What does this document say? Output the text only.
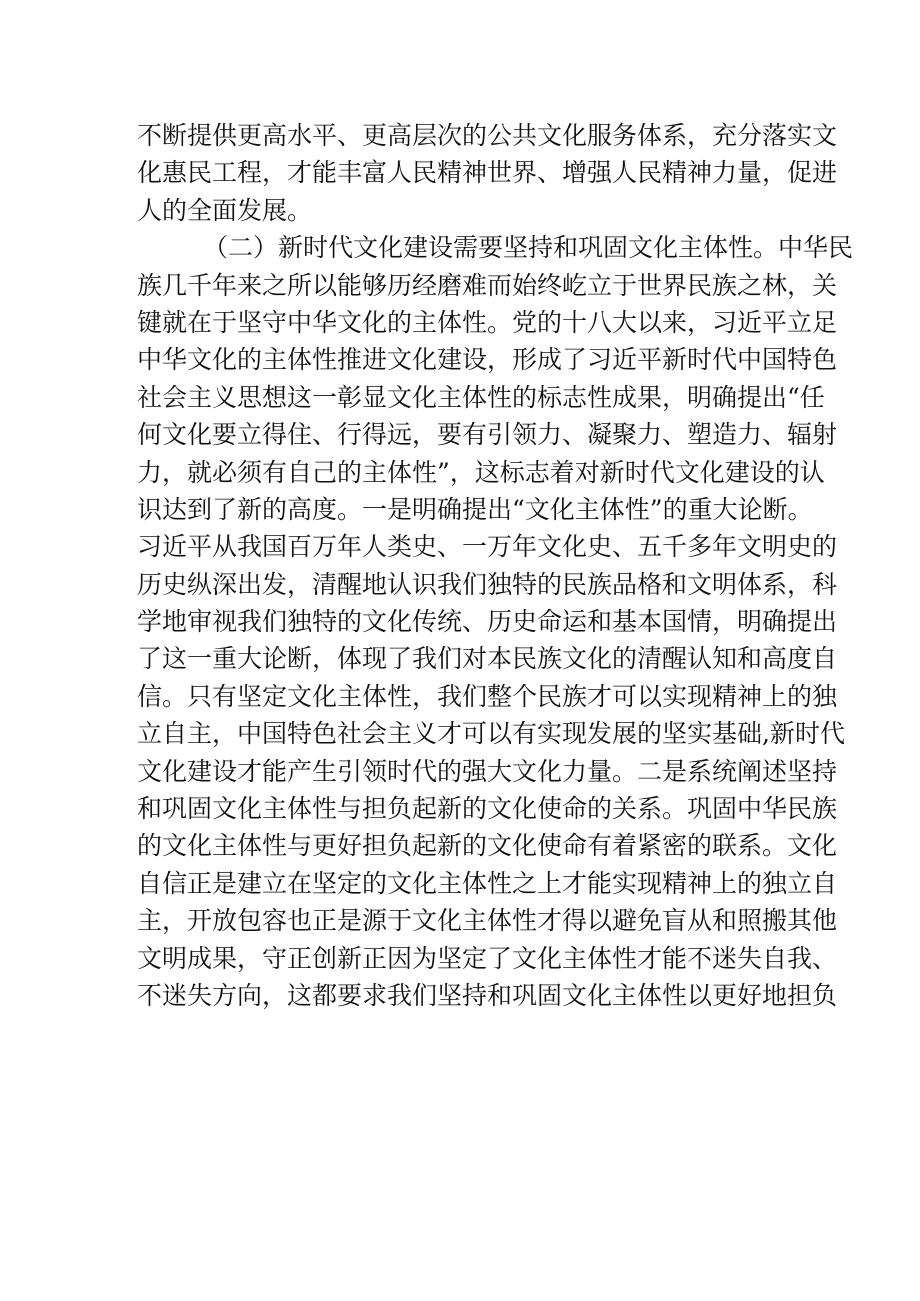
不断提供更高水平、更高层次的公共文化服务体系，充分落实文
化惠民工程，才能丰富人民精神世界、增强人民精神力量，促进
人的全面发展。
（二）新时代文化建设需要坚持和巩固文化主体性。中华民
族几千年来之所以能够历经磨难而始终屹立于世界民族之林，关
键就在于坚守中华文化的主体性。党的十八大以来，习近平立足
中华文化的主体性推进文化建设，形成了习近平新时代中国特色
社会主义思想这一彰显文化主体性的标志性成果，明确提出“任
何文化要立得住、行得远，要有引领力、凝聚力、塑造力、辐射
力，就必须有自己的主体性”，这标志着对新时代文化建设的认
识达到了新的高度。一是明确提出“文化主体性”的重大论断。
习近平从我国百万年人类史、一万年文化史、五千多年文明史的
历史纵深出发，清醒地认识我们独特的民族品格和文明体系，科
学地审视我们独特的文化传统、历史命运和基本国情，明确提出
了这一重大论断，体现了我们对本民族文化的清醒认知和高度自
信。只有坚定文化主体性，我们整个民族才可以实现精神上的独
立自主，中国特色社会主义才可以有实现发展的坚实基础,新时代
文化建设才能产生引领时代的强大文化力量。二是系统阐述坚持
和巩固文化主体性与担负起新的文化使命的关系。巩固中华民族
的文化主体性与更好担负起新的文化使命有着紧密的联系。文化
自信正是建立在坚定的文化主体性之上才能实现精神上的独立自
主，开放包容也正是源于文化主体性才得以避免盲从和照搬其他
文明成果，守正创新正因为坚定了文化主体性才能不迷失自我、
不迷失方向，这都要求我们坚持和巩固文化主体性以更好地担负
